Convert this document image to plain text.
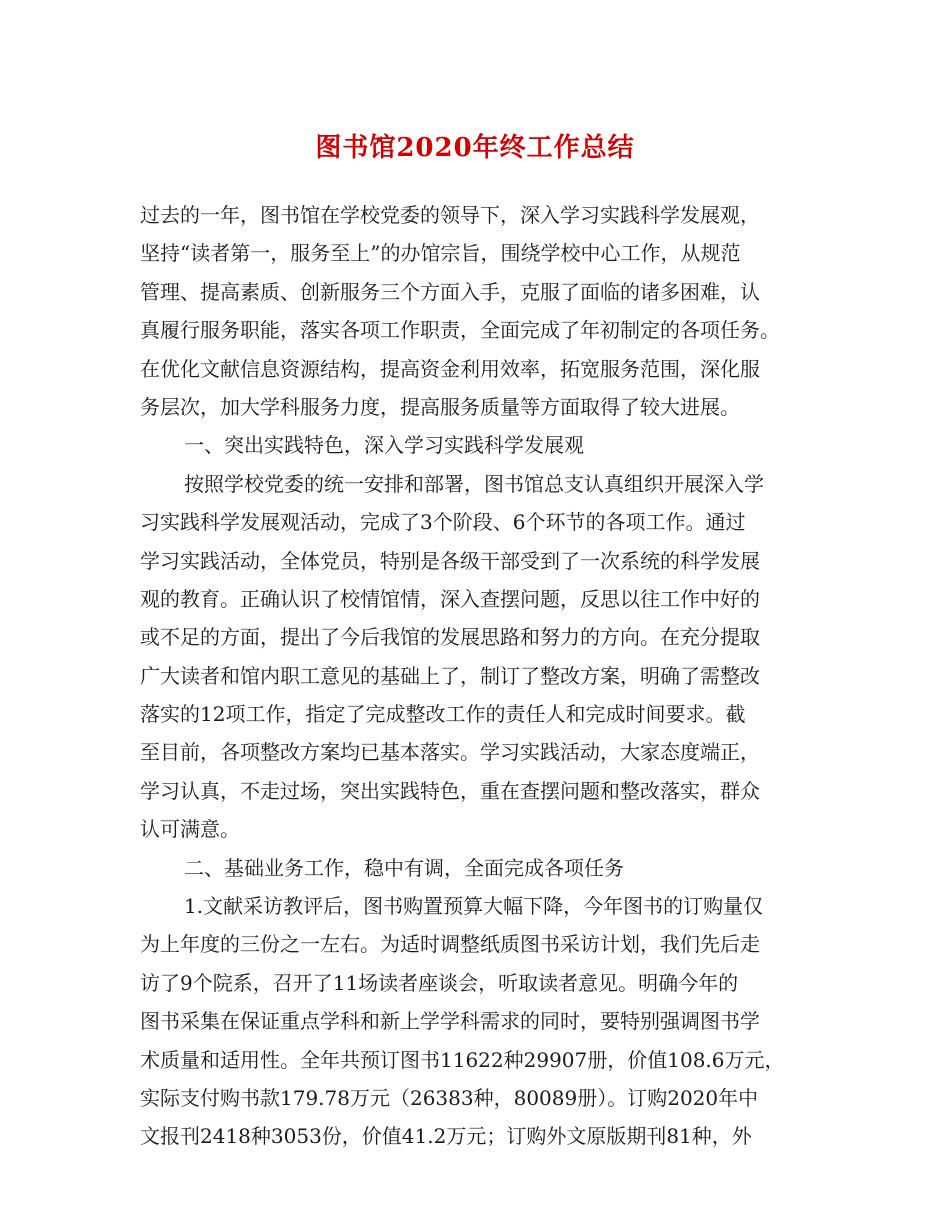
图书馆2020年终工作总结
过去的一年，图书馆在学校党委的领导下，深入学习实践科学发展观，
坚持“读者第一，服务至上”的办馆宗旨，围绕学校中心工作，从规范
管理、提高素质、创新服务三个方面入手，克服了面临的诸多困难，认
真履行服务职能，落实各项工作职责，全面完成了年初制定的各项任务。
在优化文献信息资源结构，提高资金利用效率，拓宽服务范围，深化服
务层次，加大学科服务力度，提高服务质量等方面取得了较大进展。
一、突出实践特色，深入学习实践科学发展观
按照学校党委的统一安排和部署，图书馆总支认真组织开展深入学
习实践科学发展观活动，完成了3个阶段、6个环节的各项工作。通过
学习实践活动，全体党员，特别是各级干部受到了一次系统的科学发展
观的教育。正确认识了校情馆情，深入查摆问题，反思以往工作中好的
或不足的方面，提出了今后我馆的发展思路和努力的方向。在充分提取
广大读者和馆内职工意见的基础上了，制订了整改方案，明确了需整改
落实的12项工作，指定了完成整改工作的责任人和完成时间要求。截
至目前，各项整改方案均已基本落实。学习实践活动，大家态度端正，
学习认真，不走过场，突出实践特色，重在查摆问题和整改落实，群众
认可满意。
二、基础业务工作，稳中有调，全面完成各项任务
1.文献采访教评后，图书购置预算大幅下降，今年图书的订购量仅
为上年度的三份之一左右。为适时调整纸质图书采访计划，我们先后走
访了9个院系，召开了11场读者座谈会，听取读者意见。明确今年的
图书采集在保证重点学科和新上学学科需求的同时，要特别强调图书学
术质量和适用性。全年共预订图书11622种29907册，价值108.6万元，
实际支付购书款179.78万元（26383种，80089册）。订购2020年中
文报刊2418种3053份，价值41.2万元；订购外文原版期刊81种，外
